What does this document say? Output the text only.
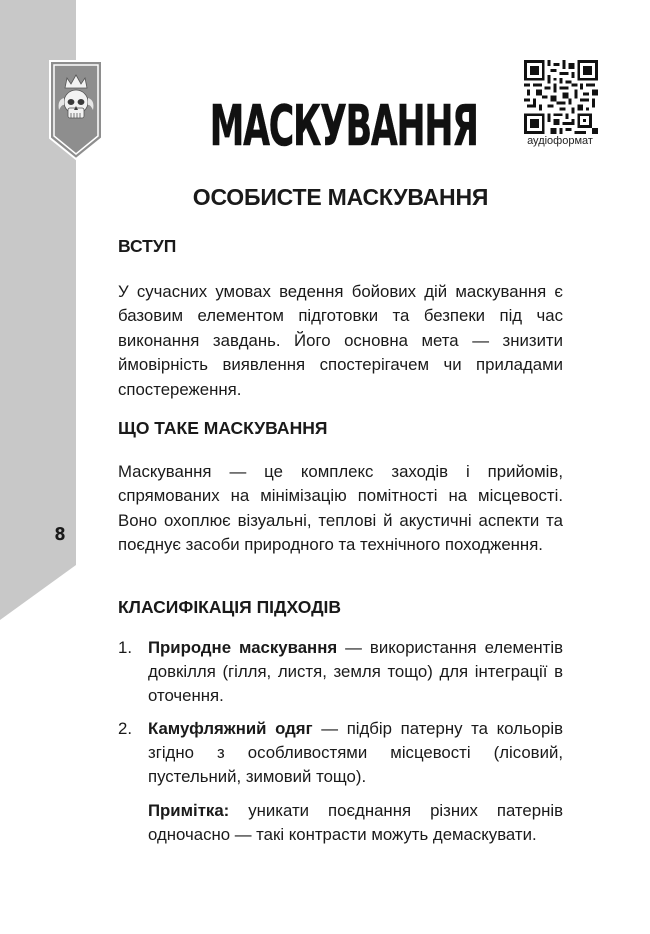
МАСКУВАННЯ	аудіоформат
8
ОСОБИСТЕ МАСКУВАННЯ
ВСТУП
У сучасних умовах ведення бойових дій маскування є базовим елементом підготовки та безпеки під час виконання завдань. Його основна мета — знизити ймовірність виявлення спостерігачем чи приладами спостереження.
ЩО ТАКЕ МАСКУВАННЯ
Маскування — це комплекс заходів і прийомів, спрямованих на мінімізацію помітності на місцевості. Воно охоплює візуальні, теплові й акустичні аспекти та поєднує засоби природного та технічного походження.
КЛАСИФІКАЦІЯ ПІДХОДІВ
1. Природне маскування — використання елементів довкілля (гілля, листя, земля тощо) для інтеграції в оточення.
2. Камуфляжний одяг — підбір патерну та кольорів згідно з особливостями місцевості (лісовий, пустельний, зимовий тощо).
Примітка: уникати поєднання різних патернів одночасно — такі контрасти можуть демаскувати.
